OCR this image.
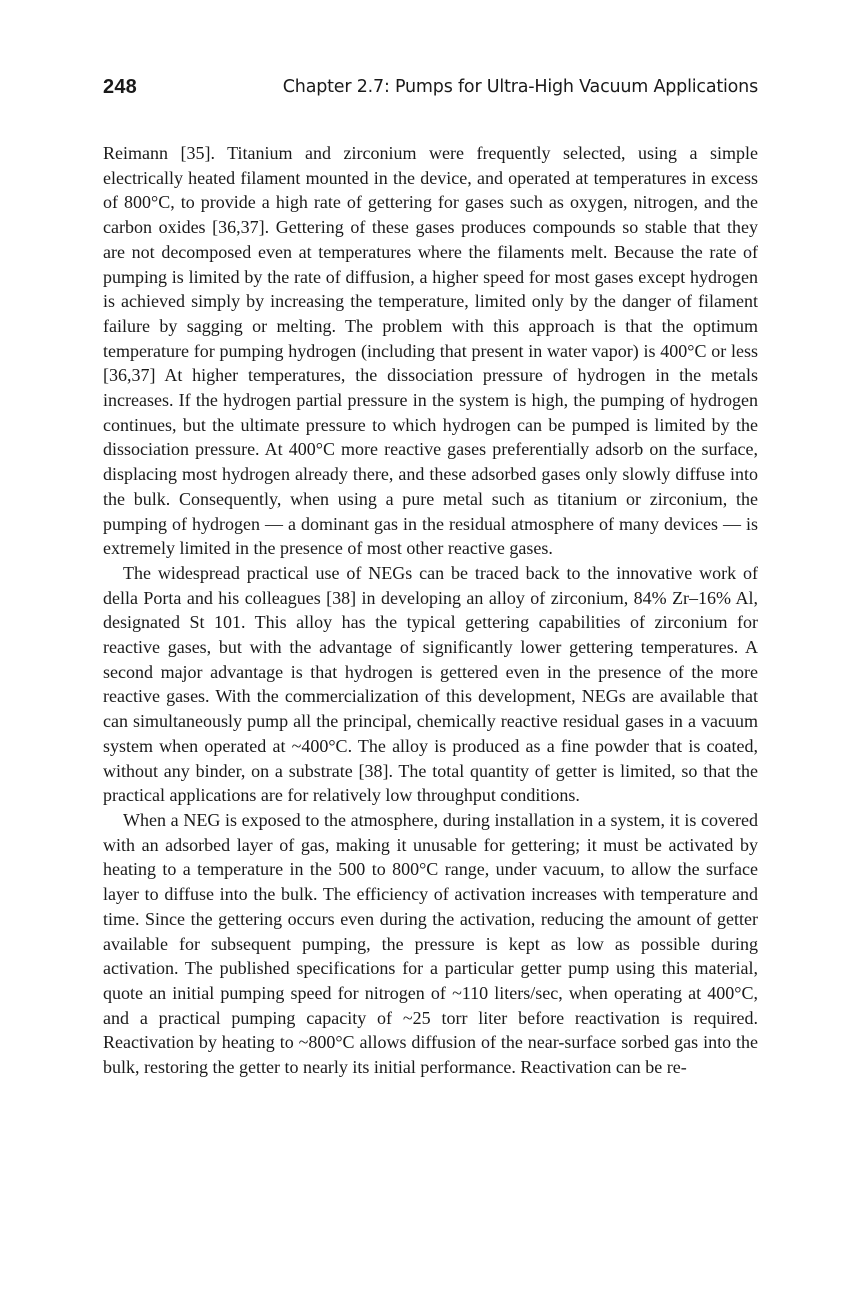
248	Chapter 2.7: Pumps for Ultra-High Vacuum Applications

Reimann [35]. Titanium and zirconium were frequently selected, using a simple electrically heated filament mounted in the device, and operated at temperatures in excess of 800°C, to provide a high rate of gettering for gases such as oxygen, nitrogen, and the carbon oxides [36,37]. Gettering of these gases produces compounds so stable that they are not decomposed even at temperatures where the filaments melt. Because the rate of pumping is limited by the rate of diffusion, a higher speed for most gases except hydrogen is achieved simply by increasing the temperature, limited only by the danger of filament failure by sagging or melting. The problem with this approach is that the optimum temperature for pumping hydrogen (including that present in water vapor) is 400°C or less [36,37] At higher temperatures, the dissociation pressure of hydrogen in the metals increases. If the hydrogen partial pressure in the system is high, the pumping of hydrogen continues, but the ultimate pressure to which hydrogen can be pumped is limited by the dissociation pressure. At 400°C more reactive gases preferentially adsorb on the surface, displacing most hydrogen already there, and these adsorbed gases only slowly diffuse into the bulk. Consequently, when using a pure metal such as titanium or zirconium, the pumping of hydrogen — a dominant gas in the residual atmosphere of many devices — is extremely limited in the presence of most other reactive gases.

The widespread practical use of NEGs can be traced back to the innovative work of della Porta and his colleagues [38] in developing an alloy of zirconium, 84% Zr–16% Al, designated St 101. This alloy has the typical gettering capabilities of zirconium for reactive gases, but with the advantage of significantly lower gettering temperatures. A second major advantage is that hydrogen is gettered even in the presence of the more reactive gases. With the commercialization of this development, NEGs are available that can simultaneously pump all the principal, chemically reactive residual gases in a vacuum system when operated at ~400°C. The alloy is produced as a fine powder that is coated, without any binder, on a substrate [38]. The total quantity of getter is limited, so that the practical applications are for relatively low throughput conditions.

When a NEG is exposed to the atmosphere, during installation in a system, it is covered with an adsorbed layer of gas, making it unusable for gettering; it must be activated by heating to a temperature in the 500 to 800°C range, under vacuum, to allow the surface layer to diffuse into the bulk. The efficiency of activation increases with temperature and time. Since the gettering occurs even during the activation, reducing the amount of getter available for subsequent pumping, the pressure is kept as low as possible during activation. The published specifications for a particular getter pump using this material, quote an initial pumping speed for nitrogen of ~110 liters/sec, when operating at 400°C, and a practical pumping capacity of ~25 torr liter before reactivation is required. Reactivation by heating to ~800°C allows diffusion of the near-surface sorbed gas into the bulk, restoring the getter to nearly its initial performance. Reactivation can be re-
